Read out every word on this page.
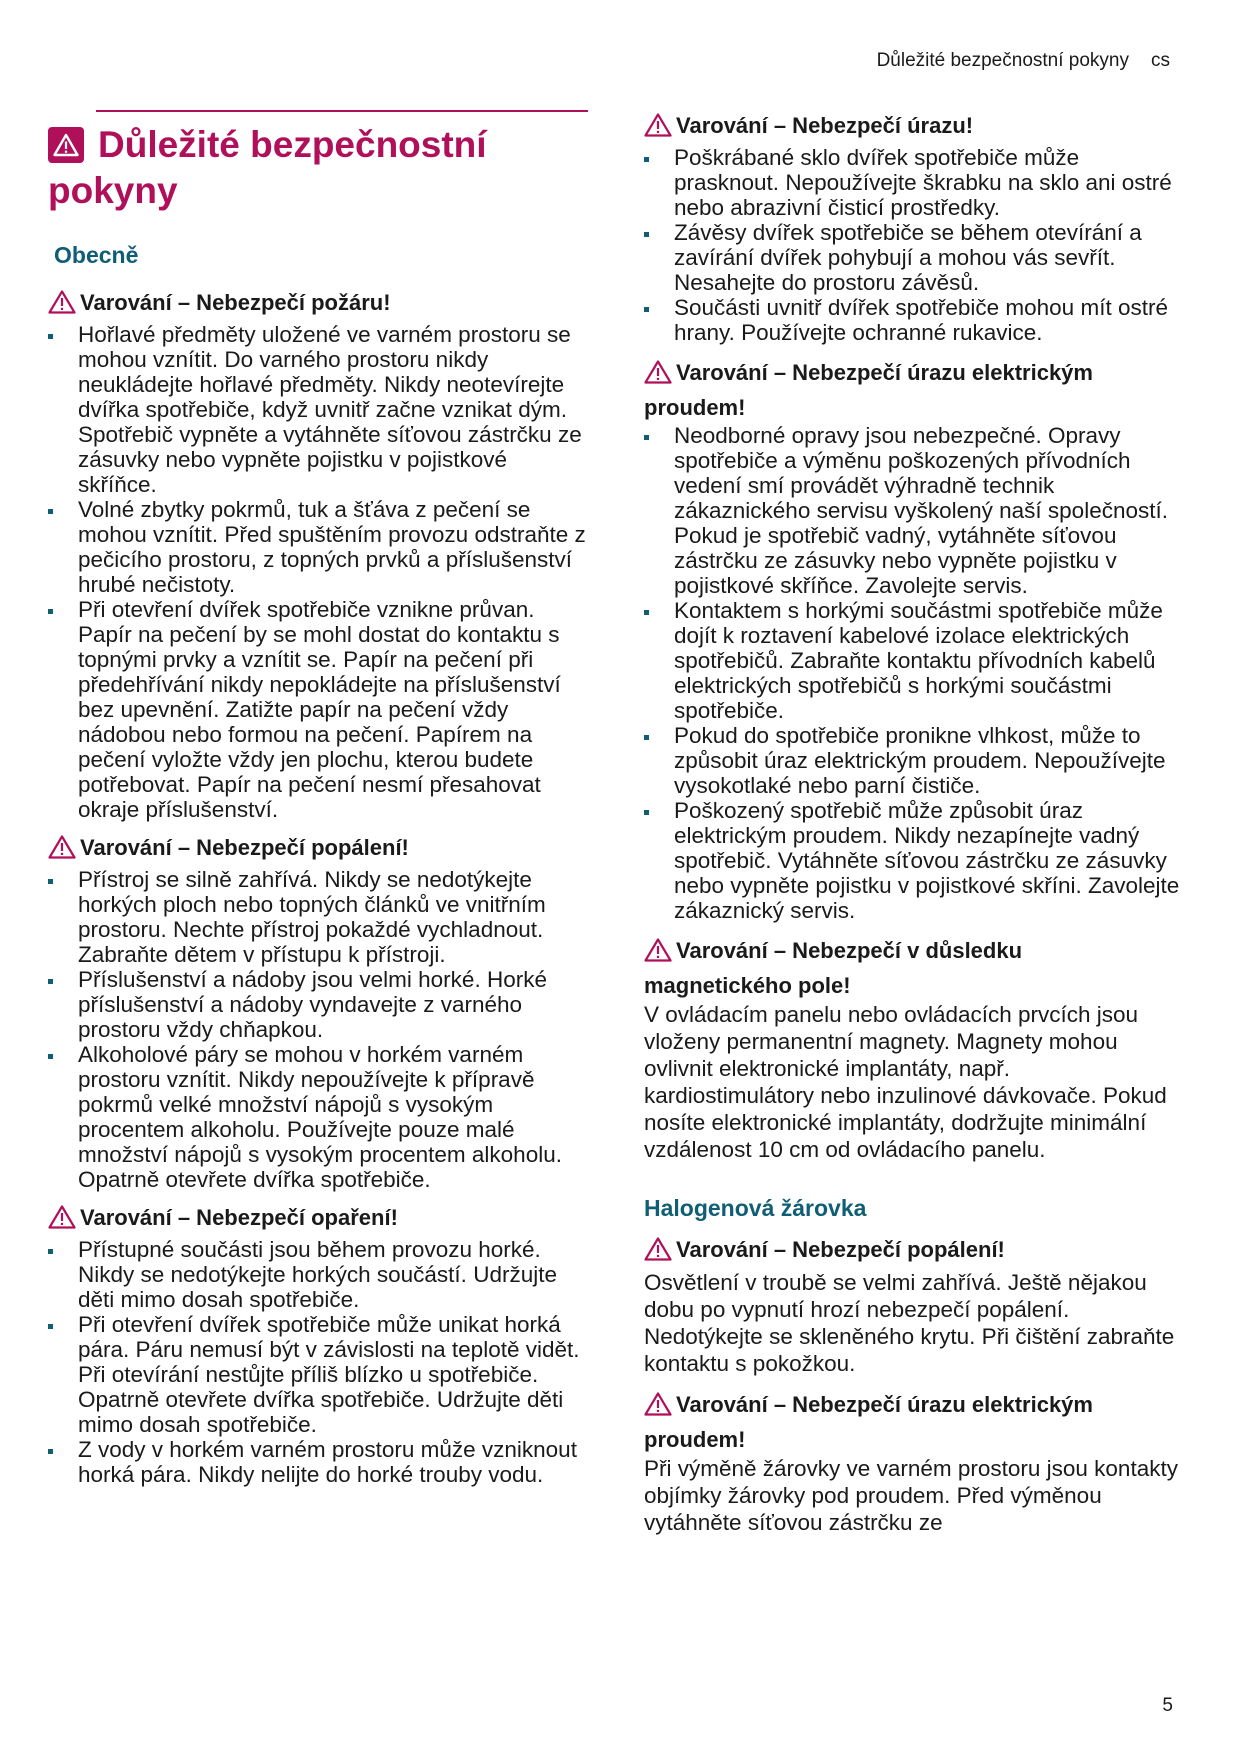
Důležité bezpečnostní pokyny cs
Důležité bezpečnostní
pokyny
Obecně
Varování – Nebezpečí požáru!
Hořlavé předměty uložené ve varném prostoru se mohou vznítit. Do varného prostoru nikdy neukládejte hořlavé předměty. Nikdy neotevírejte dvířka spotřebiče, když uvnitř začne vznikat dým. Spotřebič vypněte a vytáhněte síťovou zástrčku ze zásuvky nebo vypněte pojistku v pojistkové skříňce.
Volné zbytky pokrmů, tuk a šťáva z pečení se mohou vznítit. Před spuštěním provozu odstraňte z pečicího prostoru, z topných prvků a příslušenství hrubé nečistoty.
Při otevření dvířek spotřebiče vznikne průvan. Papír na pečení by se mohl dostat do kontaktu s topnými prvky a vznítit se. Papír na pečení při předehřívání nikdy nepokládejte na příslušenství bez upevnění. Zatižte papír na pečení vždy nádobou nebo formou na pečení. Papírem na pečení vyložte vždy jen plochu, kterou budete potřebovat. Papír na pečení nesmí přesahovat okraje příslušenství.
Varování – Nebezpečí popálení!
Přístroj se silně zahřívá. Nikdy se nedotýkejte horkých ploch nebo topných článků ve vnitřním prostoru. Nechte přístroj pokaždé vychladnout. Zabraňte dětem v přístupu k přístroji.
Příslušenství a nádoby jsou velmi horké. Horké příslušenství a nádoby vyndavejte z varného prostoru vždy chňapkou.
Alkoholové páry se mohou v horkém varném prostoru vznítit. Nikdy nepoužívejte k přípravě pokrmů velké množství nápojů s vysokým procentem alkoholu. Používejte pouze malé množství nápojů s vysokým procentem alkoholu. Opatrně otevřete dvířka spotřebiče.
Varování – Nebezpečí opaření!
Přístupné součásti jsou během provozu horké. Nikdy se nedotýkejte horkých součástí. Udržujte děti mimo dosah spotřebiče.
Při otevření dvířek spotřebiče může unikat horká pára. Páru nemusí být v závislosti na teplotě vidět. Při otevírání nestůjte příliš blízko u spotřebiče. Opatrně otevřete dvířka spotřebiče. Udržujte děti mimo dosah spotřebiče.
Z vody v horkém varném prostoru může vzniknout horká pára. Nikdy nelijte do horké trouby vodu.
Varování – Nebezpečí úrazu!
Poškrábané sklo dvířek spotřebiče může prasknout. Nepoužívejte škrabku na sklo ani ostré nebo abrazivní čisticí prostředky.
Závěsy dvířek spotřebiče se během otevírání a zavírání dvířek pohybují a mohou vás sevřít. Nesahejte do prostoru závěsů.
Součásti uvnitř dvířek spotřebiče mohou mít ostré hrany. Používejte ochranné rukavice.
Varování – Nebezpečí úrazu elektrickým
proudem!
Neodborné opravy jsou nebezpečné. Opravy spotřebiče a výměnu poškozených přívodních vedení smí provádět výhradně technik zákaznického servisu vyškolený naší společností. Pokud je spotřebič vadný, vytáhněte síťovou zástrčku ze zásuvky nebo vypněte pojistku v pojistkové skříňce. Zavolejte servis.
Kontaktem s horkými součástmi spotřebiče může dojít k roztavení kabelové izolace elektrických spotřebičů. Zabraňte kontaktu přívodních kabelů elektrických spotřebičů s horkými součástmi spotřebiče.
Pokud do spotřebiče pronikne vlhkost, může to způsobit úraz elektrickým proudem. Nepoužívejte vysokotlaké nebo parní čističe.
Poškozený spotřebič může způsobit úraz elektrickým proudem. Nikdy nezapínejte vadný spotřebič. Vytáhněte síťovou zástrčku ze zásuvky nebo vypněte pojistku v pojistkové skříni. Zavolejte zákaznický servis.
Varování – Nebezpečí v důsledku
magnetického pole!

V ovládacím panelu nebo ovládacích prvcích jsou vloženy permanentní magnety. Magnety mohou ovlivnit elektronické implantáty, např. kardiostimulátory nebo inzulinové dávkovače. Pokud nosíte elektronické implantáty, dodržujte minimální vzdálenost 10 cm od ovládacího panelu.

Halogenová žárovka
Varování – Nebezpečí popálení!

Osvětlení v troubě se velmi zahřívá. Ještě nějakou dobu po vypnutí hrozí nebezpečí popálení. Nedotýkejte se skleněného krytu. Při čištění zabraňte kontaktu s pokožkou.

Varování – Nebezpečí úrazu elektrickým
proudem!

Při výměně žárovky ve varném prostoru jsou kontakty objímky žárovky pod proudem. Před výměnou vytáhněte síťovou zástrčku ze

5
